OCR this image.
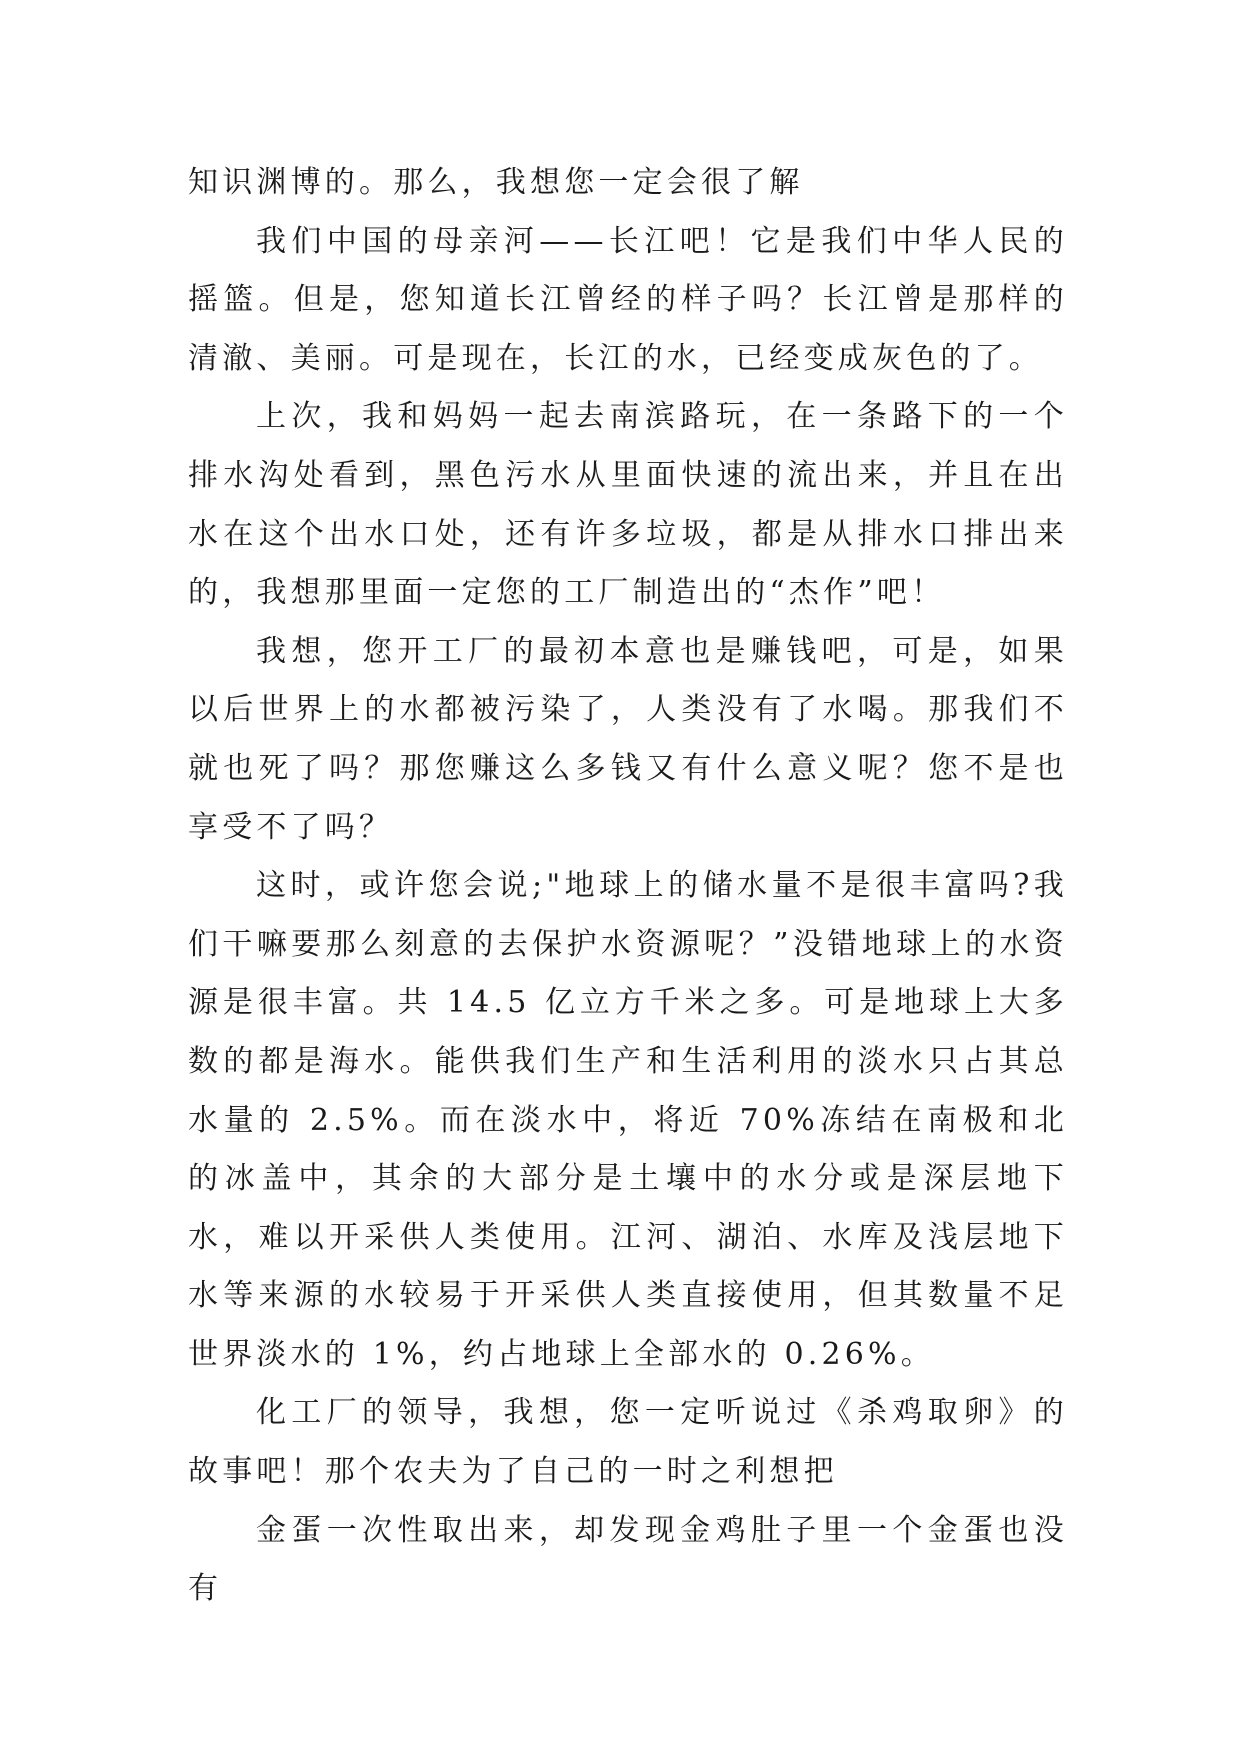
知识渊博的。那么，我想您一定会很了解

我们中国的母亲河——长江吧！它是我们中华人民的摇篮。但是，您知道长江曾经的样子吗？长江曾是那样的清澈、美丽。可是现在，长江的水，已经变成灰色的了。

上次，我和妈妈一起去南滨路玩，在一条路下的一个排水沟处看到，黑色污水从里面快速的流出来，并且在出水在这个出水口处，还有许多垃圾，都是从排水口排出来的，我想那里面一定您的工厂制造出的“杰作”吧！

我想，您开工厂的最初本意也是赚钱吧，可是，如果以后世界上的水都被污染了，人类没有了水喝。那我们不就也死了吗？那您赚这么多钱又有什么意义呢？您不是也享受不了吗？

这时，或许您会说;"地球上的储水量不是很丰富吗?我们干嘛要那么刻意的去保护水资源呢？”没错地球上的水资源是很丰富。共 14.5 亿立方千米之多。可是地球上大多数的都是海水。能供我们生产和生活利用的淡水只占其总水量的 2.5%。而在淡水中，将近 70%冻结在南极和北的冰盖中，其余的大部分是土壤中的水分或是深层地下水，难以开采供人类使用。江河、湖泊、水库及浅层地下水等来源的水较易于开采供人类直接使用，但其数量不足世界淡水的 1%，约占地球上全部水的 0.26%。

化工厂的领导，我想，您一定听说过《杀鸡取卵》的故事吧！那个农夫为了自己的一时之利想把

金蛋一次性取出来，却发现金鸡肚子里一个金蛋也没有
